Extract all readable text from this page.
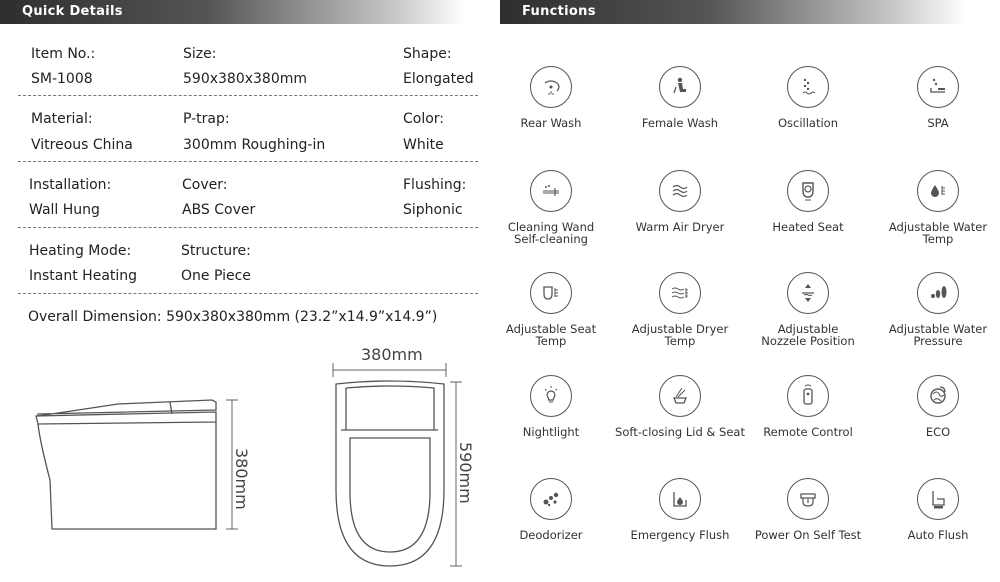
Quick Details	Functions
Item No.:
SM-1008
Size:
590x380x380mm
Shape:
Elongated
Material:
Vitreous China
P-trap:
300mm Roughing-in
Color:
White
Installation:
Wall Hung
Cover:
ABS Cover
Flushing:
Siphonic
Heating Mode:
Instant Heating
Structure:
One Piece
Overall Dimension: 590x380x380mm (23.2”x14.9”x14.9”)
380mm
380mm
590mm
Rear Wash	Female Wash	Oscillation	SPA
Cleaning Wand
Self-cleaning
Warm Air Dryer	Heated Seat	Adjustable Water
Temp
Adjustable Seat
Temp
Adjustable Dryer
Temp
Adjustable
Nozzele Position
Adjustable Water
Pressure
Nightlight	Soft-closing Lid & Seat	Remote Control	ECO
Deodorizer	Emergency Flush	Power On Self Test	Auto Flush
